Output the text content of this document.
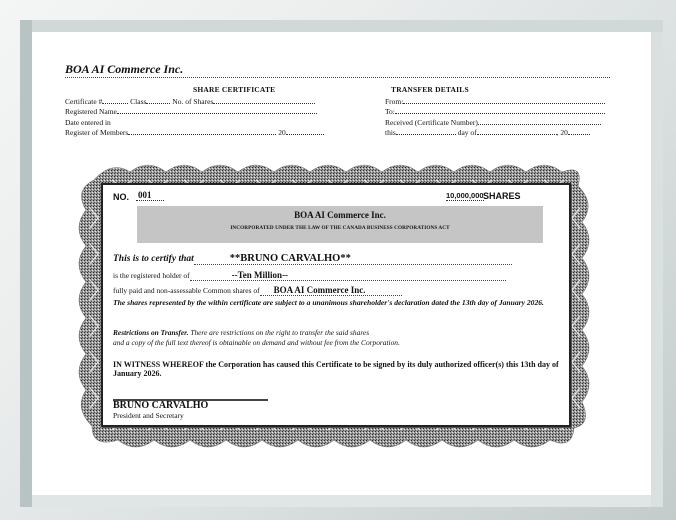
BOA AI Commerce Inc.
SHARE CERTIFICATE	TRANSFER DETAILS
Certificate #	Class	No. of Shares
Registered Name
Date entered in
Register of Members	20
From:
To:
Received (Certificate Number)
this	day of	, 20
NO. 001	10,000,000 SHARES
BOA AI Commerce Inc.
INCORPORATED UNDER THE LAW OF THE CANADA BUSINESS CORPORATIONS ACT
This is to certify that	**BRUNO CARVALHO**
is the registered holder of	--Ten Million--
fully paid and non-assessable Common shares of BOA AI Commerce Inc.
The shares represented by the within certificate are subject to a unanimous shareholder's declaration dated the 13th day of January 2026.
Restrictions on Transfer. There are restrictions on the right to transfer the said shares
and a copy of the full text thereof is obtainable on demand and without fee from the Corporation.
IN WITNESS WHEREOF the Corporation has caused this Certificate to be signed by its duly authorized officer(s) this 13th day of January 2026.
BRUNO CARVALHO
President and Secretary
